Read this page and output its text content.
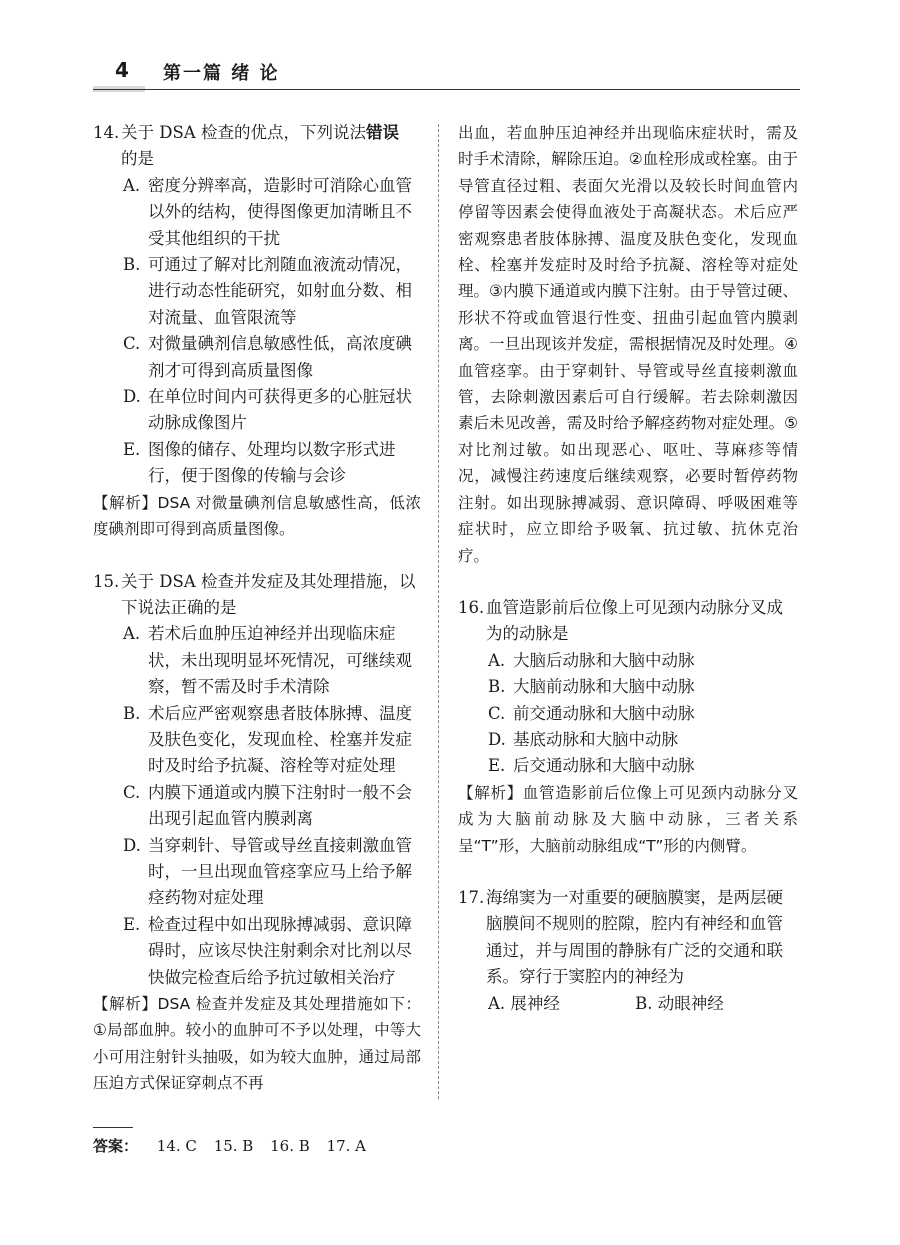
4 第一篇 绪 论

14. 关于 DSA 检查的优点，下列说法错误
的是

A. 密度分辨率高，造影时可消除心血管以外的结构，使得图像更加清晰且不受其他组织的干扰

B. 可通过了解对比剂随血液流动情况，进行动态性能研究，如射血分数、相对流量、血管限流等

C. 对微量碘剂信息敏感性低，高浓度碘剂才可得到高质量图像

D. 在单位时间内可获得更多的心脏冠状动脉成像图片

E. 图像的储存、处理均以数字形式进行，便于图像的传输与会诊

【解析】DSA 对微量碘剂信息敏感性高，低浓度碘剂即可得到高质量图像。

15. 关于 DSA 检查并发症及其处理措施，以下说法正确的是

A. 若术后血肿压迫神经并出现临床症状，未出现明显坏死情况，可继续观察，暂不需及时手术清除

B. 术后应严密观察患者肢体脉搏、温度及肤色变化，发现血栓、栓塞并发症时及时给予抗凝、溶栓等对症处理

C. 内膜下通道或内膜下注射时一般不会出现引起血管内膜剥离

D. 当穿刺针、导管或导丝直接刺激血管时，一旦出现血管痉挛应马上给予解痉药物对症处理

E. 检查过程中如出现脉搏减弱、意识障碍时，应该尽快注射剩余对比剂以尽快做完检查后给予抗过敏相关治疗

【解析】DSA 检查并发症及其处理措施如下：①局部血肿。较小的血肿可不予以处理，中等大小可用注射针头抽吸，如为较大血肿，通过局部压迫方式保证穿刺点不再

出血，若血肿压迫神经并出现临床症状时，需及时手术清除，解除压迫。②血栓形成或栓塞。由于导管直径过粗、表面欠光滑以及较长时间血管内停留等因素会使得血液处于高凝状态。术后应严密观察患者肢体脉搏、温度及肤色变化，发现血栓、栓塞并发症时及时给予抗凝、溶栓等对症处理。③内膜下通道或内膜下注射。由于导管过硬、形状不符或血管退行性变、扭曲引起血管内膜剥离。一旦出现该并发症，需根据情况及时处理。④血管痉挛。由于穿刺针、导管或导丝直接刺激血管，去除刺激因素后可自行缓解。若去除刺激因素后未见改善，需及时给予解痉药物对症处理。⑤对比剂过敏。如出现恶心、呕吐、荨麻疹等情况，减慢注药速度后继续观察，必要时暂停药物注射。如出现脉搏减弱、意识障碍、呼吸困难等症状时，应立即给予吸氧、抗过敏、抗休克治疗。

16. 血管造影前后位像上可见颈内动脉分叉成为的动脉是

A. 大脑后动脉和大脑中动脉

B. 大脑前动脉和大脑中动脉

C. 前交通动脉和大脑中动脉

D. 基底动脉和大脑中动脉

E. 后交通动脉和大脑中动脉

【解析】血管造影前后位像上可见颈内动脉分叉成为大脑前动脉及大脑中动脉，三者关系呈“T”形，大脑前动脉组成“T”形的内侧臂。

17. 海绵窦为一对重要的硬脑膜窦，是两层硬脑膜间不规则的腔隙，腔内有神经和血管通过，并与周围的静脉有广泛的交通和联系。穿行于窦腔内的神经为

A. 展神经	B. 动眼神经

答案： 14. C 15. B 16. B 17. A
